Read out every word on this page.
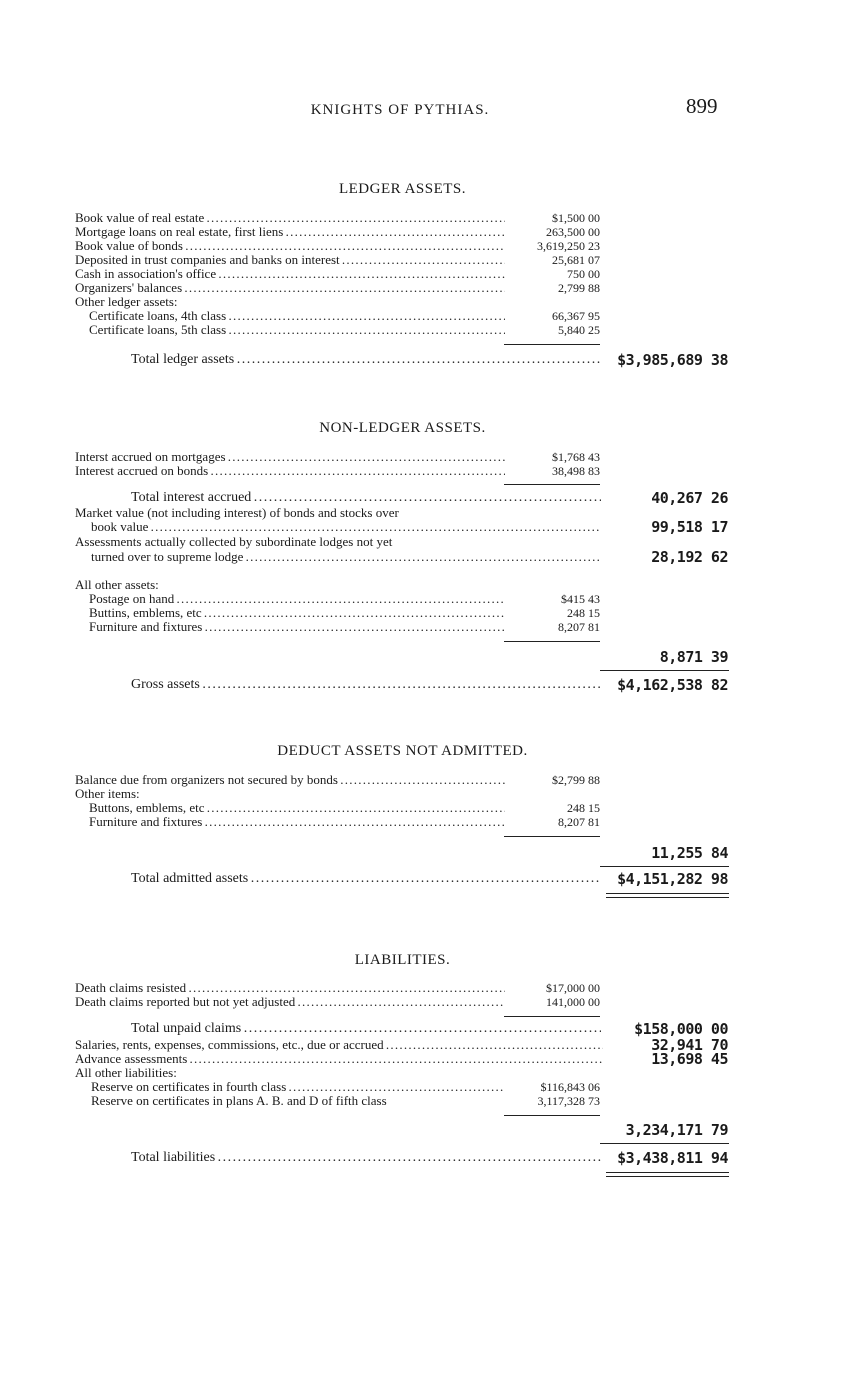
KNIGHTS OF PYTHIAS.	899
LEDGER ASSETS.
Book value of real estate . . .	$1,500 00
Mortgage loans on real estate, first liens . . .	263,500 00
Book value of bonds . . .	3,619,250 23
Deposited in trust companies and banks on interest . . .	25,681 07
Cash in association's office . . .	750 00
Organizers' balances . . .	2,799 88
Other ledger assets:
Certificate loans, 4th class . . .	66,367 95
Certificate loans, 5th class . . .	5,840 25
Total ledger assets . . .	$3,985,689 38
NON-LEDGER ASSETS.
Interst accrued on mortgages . . .	$1,768 43
Interest accrued on bonds . . .	38,498 83
Total interest accrued . . .	40,267 26
Market value (not including interest) of bonds and stocks over
book value . . .	99,518 17
Assessments actually collected by subordinate lodges not yet
turned over to supreme lodge . . .	28,192 62
All other assets:
Postage on hand . . .	$415 43
Buttins, emblems, etc . . .	248 15
Furniture and fixtures . . .	8,207 81
8,871 39
Gross assets . . .	$4,162,538 82
DEDUCT ASSETS NOT ADMITTED.
Balance due from organizers not secured by bonds . . .	$2,799 88
Other items:
Buttons, emblems, etc . . .	248 15
Furniture and fixtures . . .	8,207 81
11,255 84
Total admitted assets . . .	$4,151,282 98
LIABILITIES.
Death claims resisted . . .	$17,000 00
Death claims reported but not yet adjusted . . .	141,000 00
Total unpaid claims . . .	$158,000 00
Salaries, rents, expenses, commissions, etc., due or accrued . . .	32,941 70
Advance assessments . . .	13,698 45
All other liabilities:
Reserve on certificates in fourth class . . .	$116,843 06
Reserve on certificates in plans A. B. and D of fifth class	3,117,328 73
3,234,171 79
Total liabilities . . .	$3,438,811 94
